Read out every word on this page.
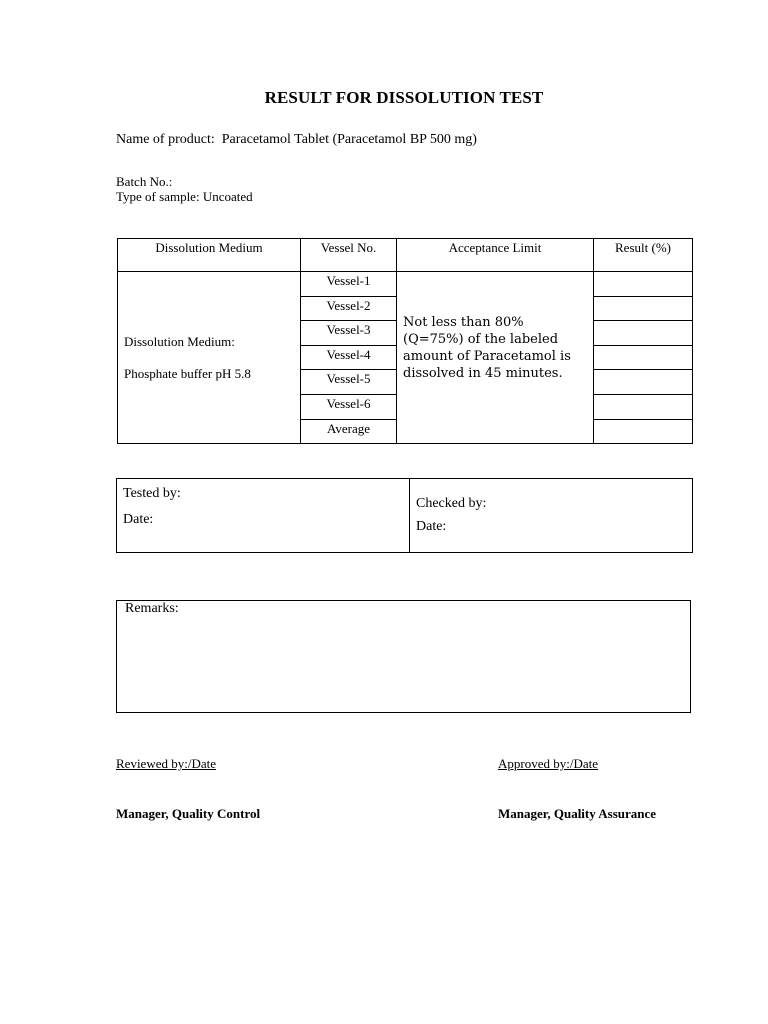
RESULT FOR DISSOLUTION TEST
Name of product: Paracetamol Tablet (Paracetamol BP 500 mg)
Batch No.:
Type of sample: Uncoated
Dissolution Medium	Vessel No.	Acceptance Limit	Result (%)

Dissolution Medium:
Phosphate buffer pH 5.8	Vessel-1	Not less than 80% (Q=75%) of the labeled amount of Paracetamol is dissolved in 45 minutes.	

	Vessel-2		
	Vessel-3		
	Vessel-4		
	Vessel-5		
	Vessel-6		
	Average		
Tested by:
Date:
Checked by:
Date:
Remarks:
Reviewed by:/Date	Approved by:/Date
Manager, Quality Control	Manager, Quality Assurance
